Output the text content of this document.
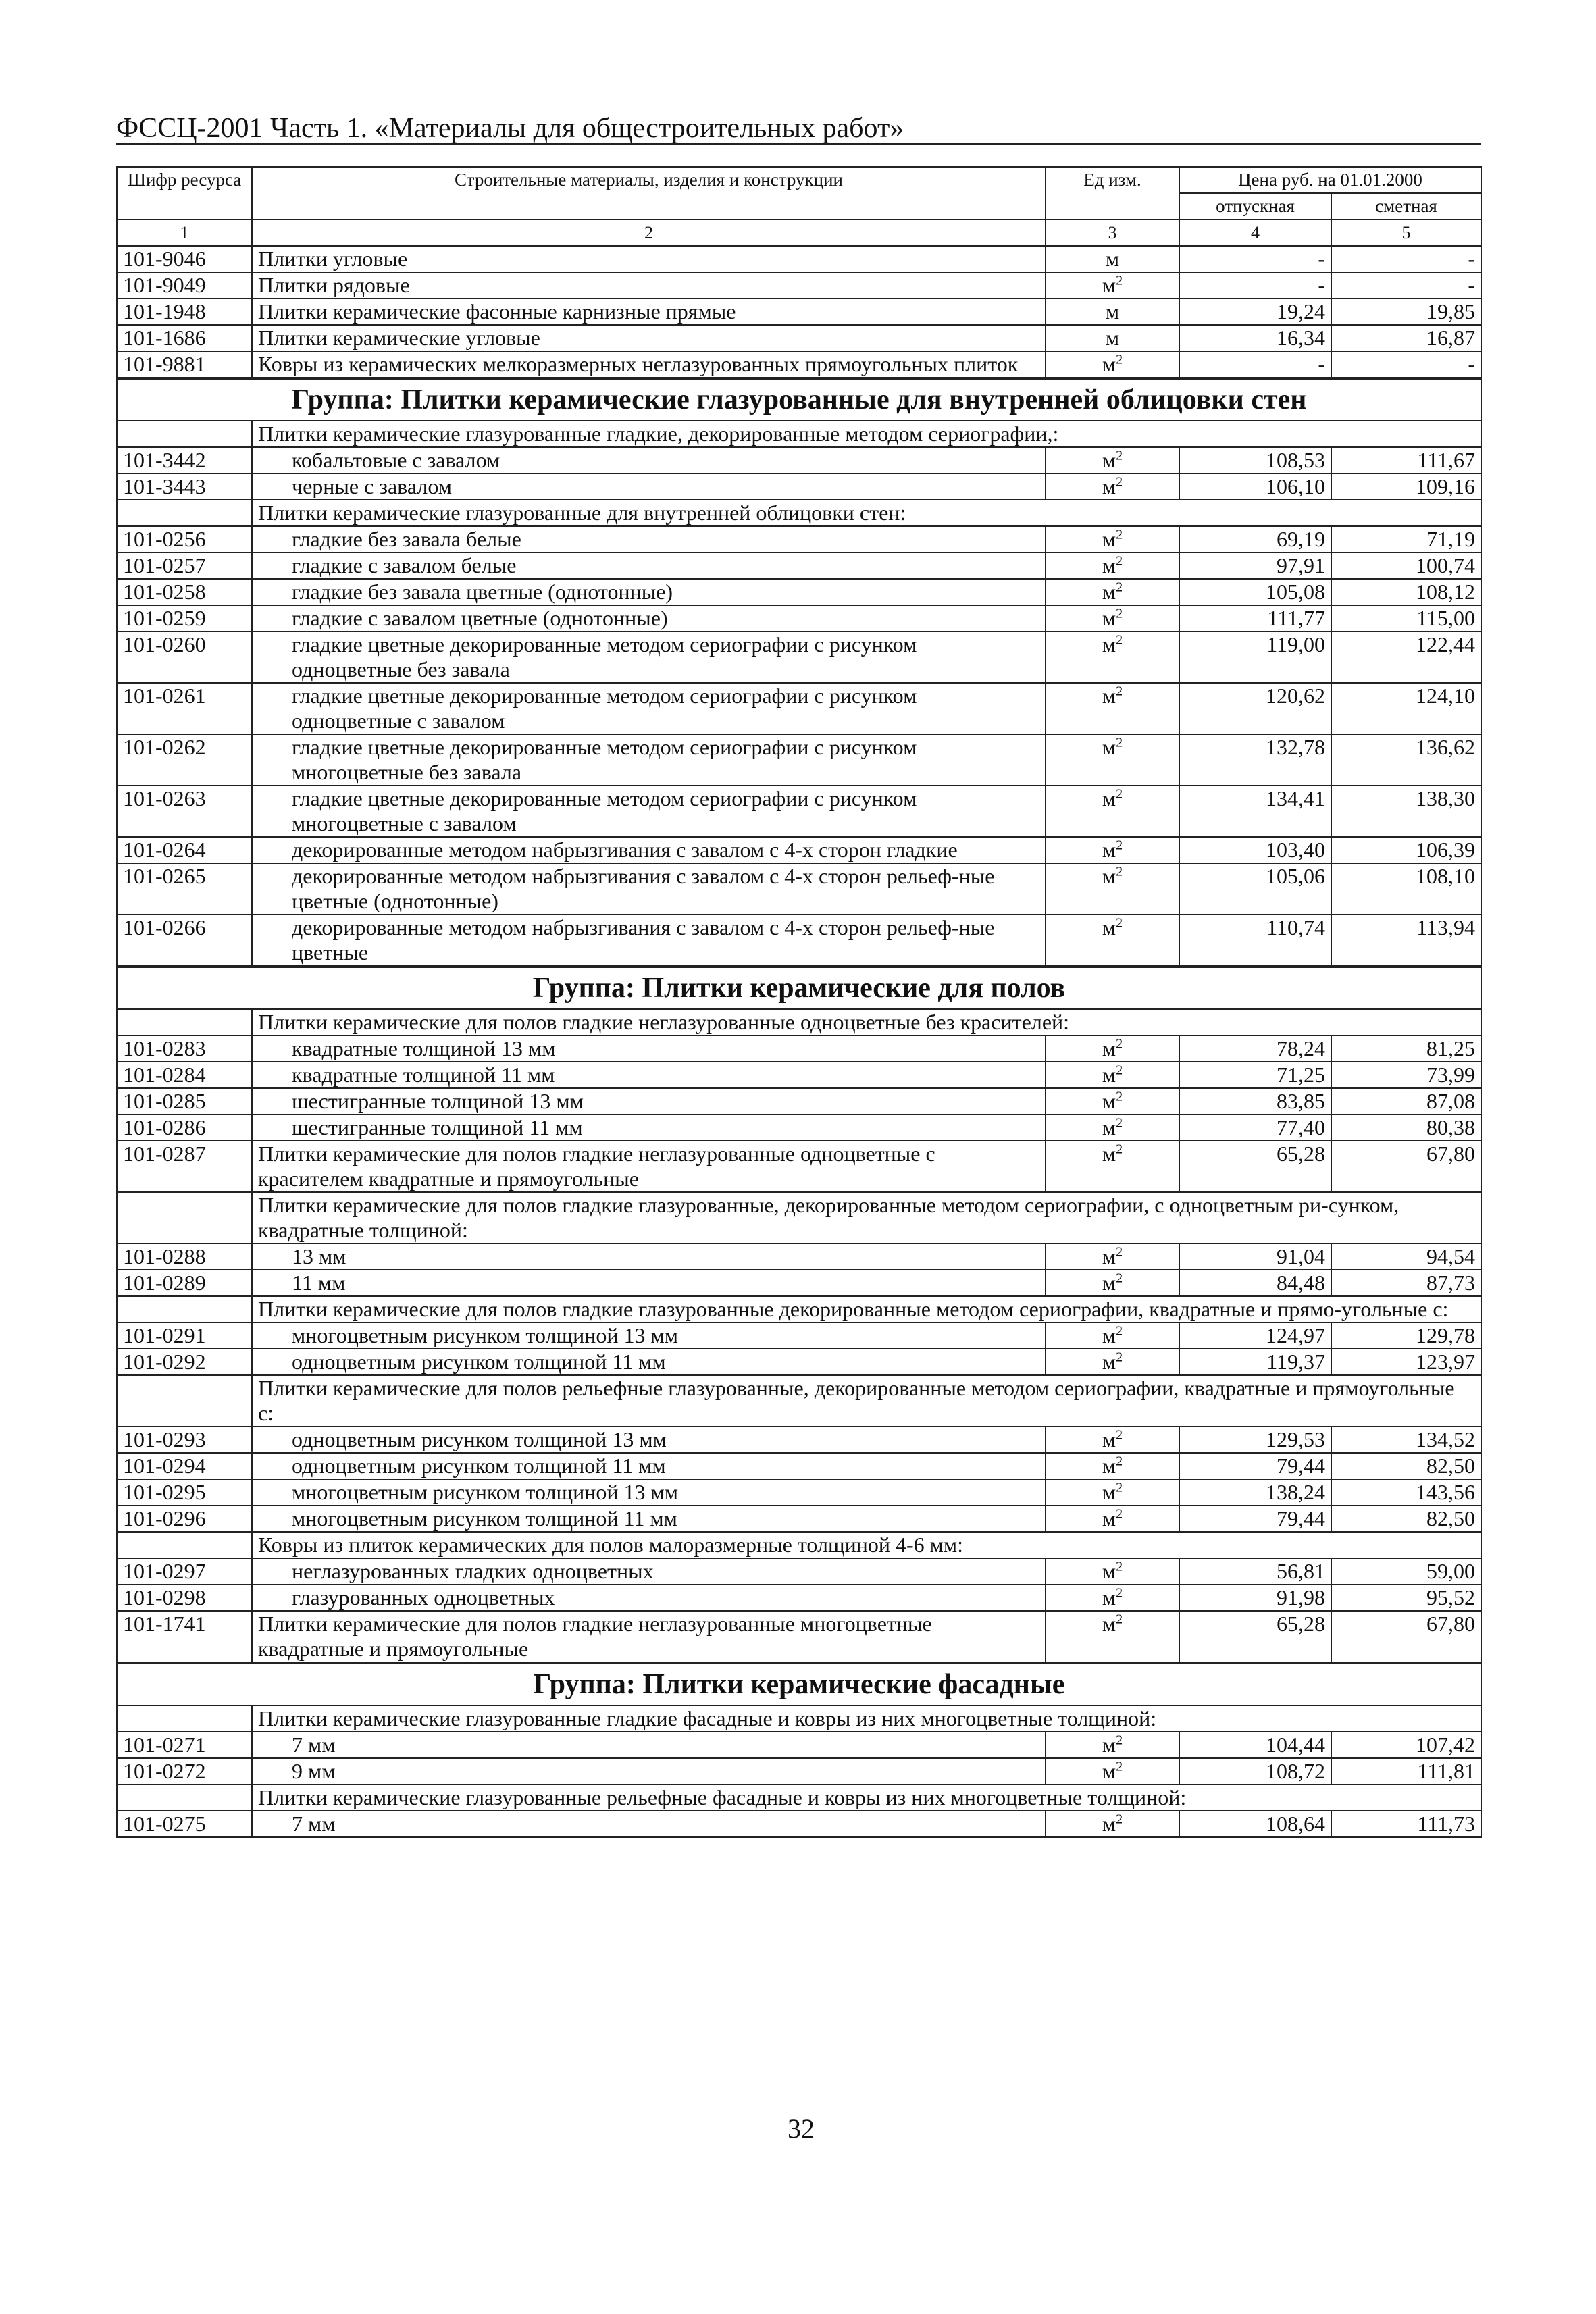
ФССЦ-2001 Часть 1. «Материалы для общестроительных работ»
Шифр ресурса	Строительные материалы, изделия и конструкции	Ед изм.	Цена руб. на 01.01.2000	
			отпускная	сметная
1	2	3	4	5
101-9046	Плитки угловые	м	-	-
101-9049	Плитки рядовые	$м^2$	-	-
101-1948	Плитки керамические фасонные карнизные прямые	м	19,24	19,85
101-1686	Плитки керамические угловые	м	16,34	16,87
101-9881	Ковры из керамических мелкоразмерных неглазурованных прямоугольных плиток	$м^2$	-	-
Группа: Плитки керамические глазурованные для внутренней облицовки стен				
	Плитки керамические глазурованные гладкие, декорированные методом сериографии,:			
101-3442	кобальтовые с завалом	$м^2$	108,53	111,67
101-3443	черные с завалом	$м^2$	106,10	109,16
	Плитки керамические глазурованные для внутренней облицовки стен:			
101-0256	гладкие без завала белые	$м^2$	69,19	71,19
101-0257	гладкие с завалом белые	$м^2$	97,91	100,74
101-0258	гладкие без завала цветные (однотонные)	$м^2$	105,08	108,12
101-0259	гладкие с завалом цветные (однотонные)	$м^2$	111,77	115,00
101-0260	гладкие цветные декорированные методом сериографии с рисунком одноцветные без завала	$м^2$	119,00	122,44
101-0261	гладкие цветные декорированные методом сериографии с рисунком одноцветные с завалом	$м^2$	120,62	124,10
101-0262	гладкие цветные декорированные методом сериографии с рисунком многоцветные без завала	$м^2$	132,78	136,62
101-0263	гладкие цветные декорированные методом сериографии с рисунком многоцветные с завалом	$м^2$	134,41	138,30
101-0264	декорированные методом набрызгивания с завалом с 4-х сторон гладкие	$м^2$	103,40	106,39
101-0265	декорированные методом набрызгивания с завалом с 4-х сторон рельеф-ные цветные (однотонные)	$м^2$	105,06	108,10
101-0266	декорированные методом набрызгивания с завалом с 4-х сторон рельеф-ные цветные	$м^2$	110,74	113,94
Группа: Плитки керамические для полов				
	Плитки керамические для полов гладкие неглазурованные одноцветные без красителей:			
101-0283	квадратные толщиной 13 мм	$м^2$	78,24	81,25
101-0284	квадратные толщиной 11 мм	$м^2$	71,25	73,99
101-0285	шестигранные толщиной 13 мм	$м^2$	83,85	87,08
101-0286	шестигранные толщиной 11 мм	$м^2$	77,40	80,38
101-0287	Плитки керамические для полов гладкие неглазурованные одноцветные с красителем квадратные и прямоугольные	$м^2$	65,28	67,80
	Плитки керамические для полов гладкие глазурованные, декорированные методом сериографии, с одноцветным ри-сунком, квадратные толщиной:			
101-0288	13 мм	$м^2$	91,04	94,54
101-0289	11 мм	$м^2$	84,48	87,73
	Плитки керамические для полов гладкие глазурованные декорированные методом сериографии, квадратные и прямо-угольные с:			
101-0291	многоцветным рисунком толщиной 13 мм	$м^2$	124,97	129,78
101-0292	одноцветным рисунком толщиной 11 мм	$м^2$	119,37	123,97
	Плитки керамические для полов рельефные глазурованные, декорированные методом сериографии, квадратные и прямоугольные с:			
101-0293	одноцветным рисунком толщиной 13 мм	$м^2$	129,53	134,52
101-0294	одноцветным рисунком толщиной 11 мм	$м^2$	79,44	82,50
101-0295	многоцветным рисунком толщиной 13 мм	$м^2$	138,24	143,56
101-0296	многоцветным рисунком толщиной 11 мм	$м^2$	79,44	82,50
	Ковры из плиток керамических для полов малоразмерные толщиной 4-6 мм:			
101-0297	неглазурованных гладких одноцветных	$м^2$	56,81	59,00
101-0298	глазурованных одноцветных	$м^2$	91,98	95,52
101-1741	Плитки керамические для полов гладкие неглазурованные многоцветные квадратные и прямоугольные	$м^2$	65,28	67,80
Группа: Плитки керамические фасадные				
	Плитки керамические глазурованные гладкие фасадные и ковры из них многоцветные толщиной:			
101-0271	7 мм	$м^2$	104,44	107,42
101-0272	9 мм	$м^2$	108,72	111,81
	Плитки керамические глазурованные рельефные фасадные и ковры из них многоцветные толщиной:			
101-0275	7 мм	$м^2$	108,64	111,73
32
